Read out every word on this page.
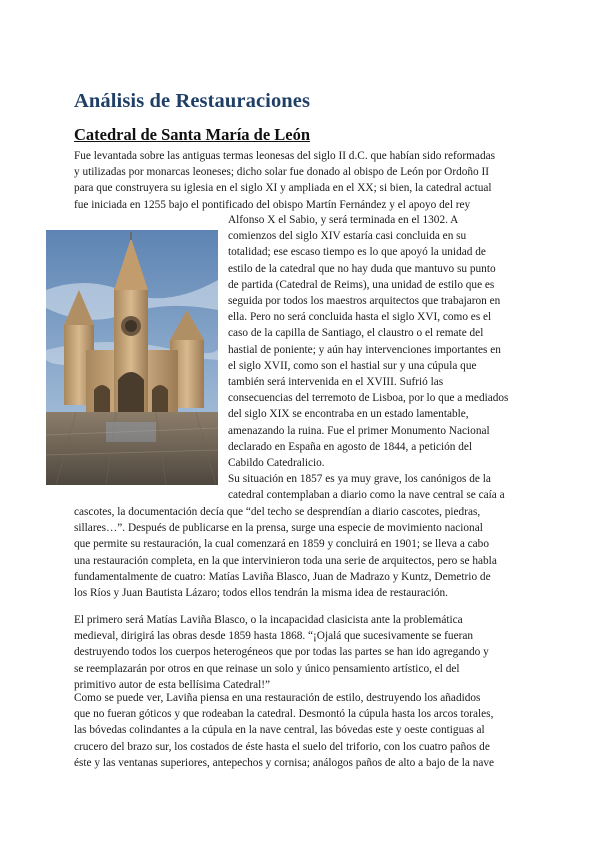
Análisis de Restauraciones
Catedral de Santa María de León
Fue levantada sobre las antiguas termas leonesas del siglo II d.C. que habían sido reformadas
y utilizadas por monarcas leoneses; dicho solar fue donado al obispo de León por Ordoño II
para que construyera su iglesia en el siglo XI y ampliada en el XX; si bien, la catedral actual
fue iniciada en 1255 bajo el pontificado del obispo Martín Fernández y el apoyo del rey
Alfonso X el Sabio, y será terminada en el 1302. A
comienzos del siglo XIV estaría casi concluida en su
totalidad; ese escaso tiempo es lo que apoyó la unidad de
estilo de la catedral que no hay duda que mantuvo su punto
de partida (Catedral de Reims), una unidad de estilo que es
seguida por todos los maestros arquitectos que trabajaron en
ella. Pero no será concluida hasta el siglo XVI, como es el
caso de la capilla de Santiago, el claustro o el remate del
hastial de poniente; y aún hay intervenciones importantes en
el siglo XVII, como son el hastial sur y una cúpula que
también será intervenida en el XVIII. Sufrió las
consecuencias del terremoto de Lisboa, por lo que a mediados
del siglo XIX se encontraba en un estado lamentable,
amenazando la ruina. Fue el primer Monumento Nacional
declarado en España en agosto de 1844, a petición del
Cabildo Catedralicio.
Su situación en 1857 es ya muy grave, los canónigos de la
catedral contemplaban a diario como la nave central se caía a
cascotes, la documentación decía que “del techo se desprendían a diario cascotes, piedras,
sillares…”. Después de publicarse en la prensa, surge una especie de movimiento nacional
que permite su restauración, la cual comenzará en 1859 y concluirá en 1901; se lleva a cabo
una restauración completa, en la que intervinieron toda una serie de arquitectos, pero se habla
fundamentalmente de cuatro: Matías Laviña Blasco, Juan de Madrazo y Kuntz, Demetrio de
los Ríos y Juan Bautista Lázaro; todos ellos tendrán la misma idea de restauración.
El primero será Matías Laviña Blasco, o la incapacidad clasicista ante la problemática
medieval, dirigirá las obras desde 1859 hasta 1868. “¡Ojalá que sucesivamente se fueran
destruyendo todos los cuerpos heterogéneos que por todas las partes se han ido agregando y
se reemplazarán por otros en que reinase un solo y único pensamiento artístico, el del
primitivo autor de esta bellísima Catedral!”
Como se puede ver, Laviña piensa en una restauración de estilo, destruyendo los añadidos
que no fueran góticos y que rodeaban la catedral. Desmontó la cúpula hasta los arcos torales,
las bóvedas colindantes a la cúpula en la nave central, las bóvedas este y oeste contiguas al
crucero del brazo sur, los costados de éste hasta el suelo del triforio, con los cuatro paños de
éste y las ventanas superiores, antepechos y cornisa; análogos paños de alto a bajo de la nave
